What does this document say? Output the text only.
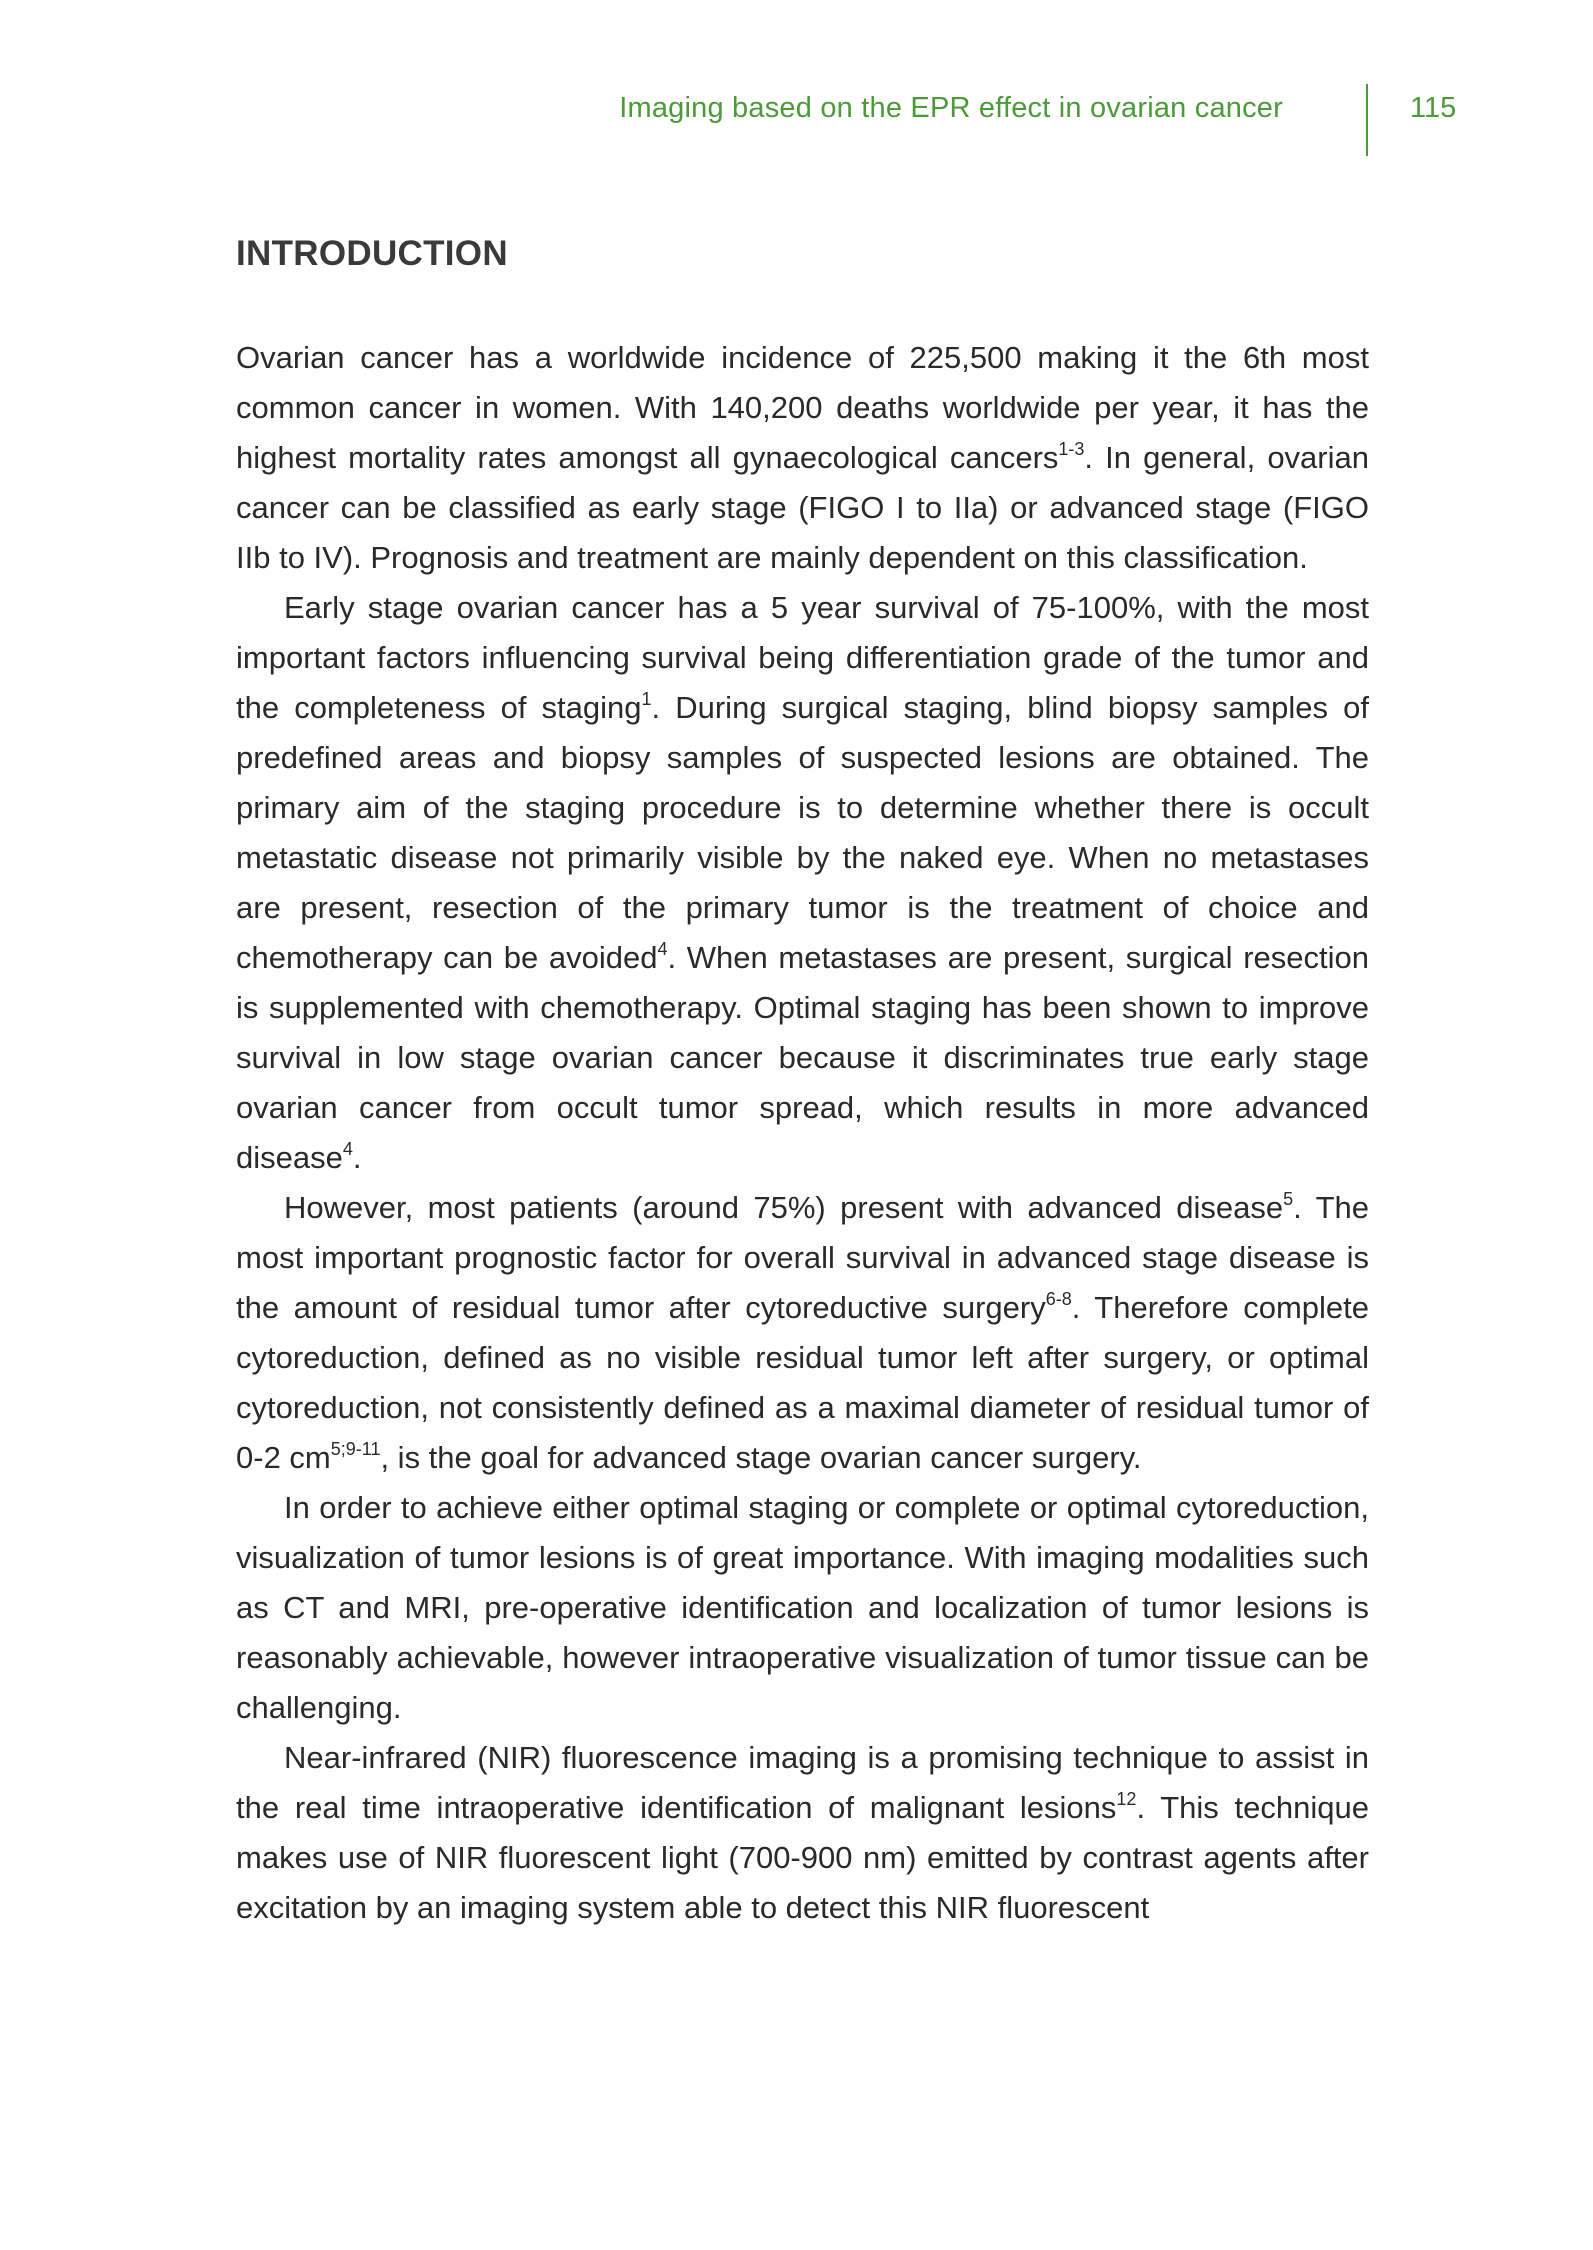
Imaging based on the EPR effect in ovarian cancer	115
INTRODUCTION

Ovarian cancer has a worldwide incidence of 225,500 making it the 6th most common cancer in women. With 140,200 deaths worldwide per year, it has the highest mortality rates amongst all gynaecological cancers$^{1-3}$. In general, ovarian cancer can be classified as early stage (FIGO I to IIa) or advanced stage (FIGO IIb to IV). Prognosis and treatment are mainly dependent on this classification.

Early stage ovarian cancer has a 5 year survival of 75-100%, with the most important factors influencing survival being differentiation grade of the tumor and the completeness of staging$^1$. During surgical staging, blind biopsy samples of predefined areas and biopsy samples of suspected lesions are obtained. The primary aim of the staging procedure is to determine whether there is occult metastatic disease not primarily visible by the naked eye. When no metastases are present, resection of the primary tumor is the treatment of choice and chemotherapy can be avoided$^4$. When metastases are present, surgical resection is supplemented with chemotherapy. Optimal staging has been shown to improve survival in low stage ovarian cancer because it discriminates true early stage ovarian cancer from occult tumor spread, which results in more advanced disease$^4$.

However, most patients (around 75%) present with advanced disease$^5$. The most important prognostic factor for overall survival in advanced stage disease is the amount of residual tumor after cytoreductive surgery$^{6-8}$. Therefore complete cytoreduction, defined as no visible residual tumor left after surgery, or optimal cytoreduction, not consistently defined as a maximal diameter of residual tumor of 0-2 $cm^{5;9-11}$, is the goal for advanced stage ovarian cancer surgery.

In order to achieve either optimal staging or complete or optimal cytoreduction, visualization of tumor lesions is of great importance. With imaging modalities such as CT and MRI, pre-operative identification and localization of tumor lesions is reasonably achievable, however intraoperative visualization of tumor tissue can be challenging.

Near-infrared (NIR) fluorescence imaging is a promising technique to assist in the real time intraoperative identification of malignant lesions$^{12}$. This technique makes use of NIR fluorescent light (700-900 nm) emitted by contrast agents after excitation by an imaging system able to detect this NIR fluorescent
